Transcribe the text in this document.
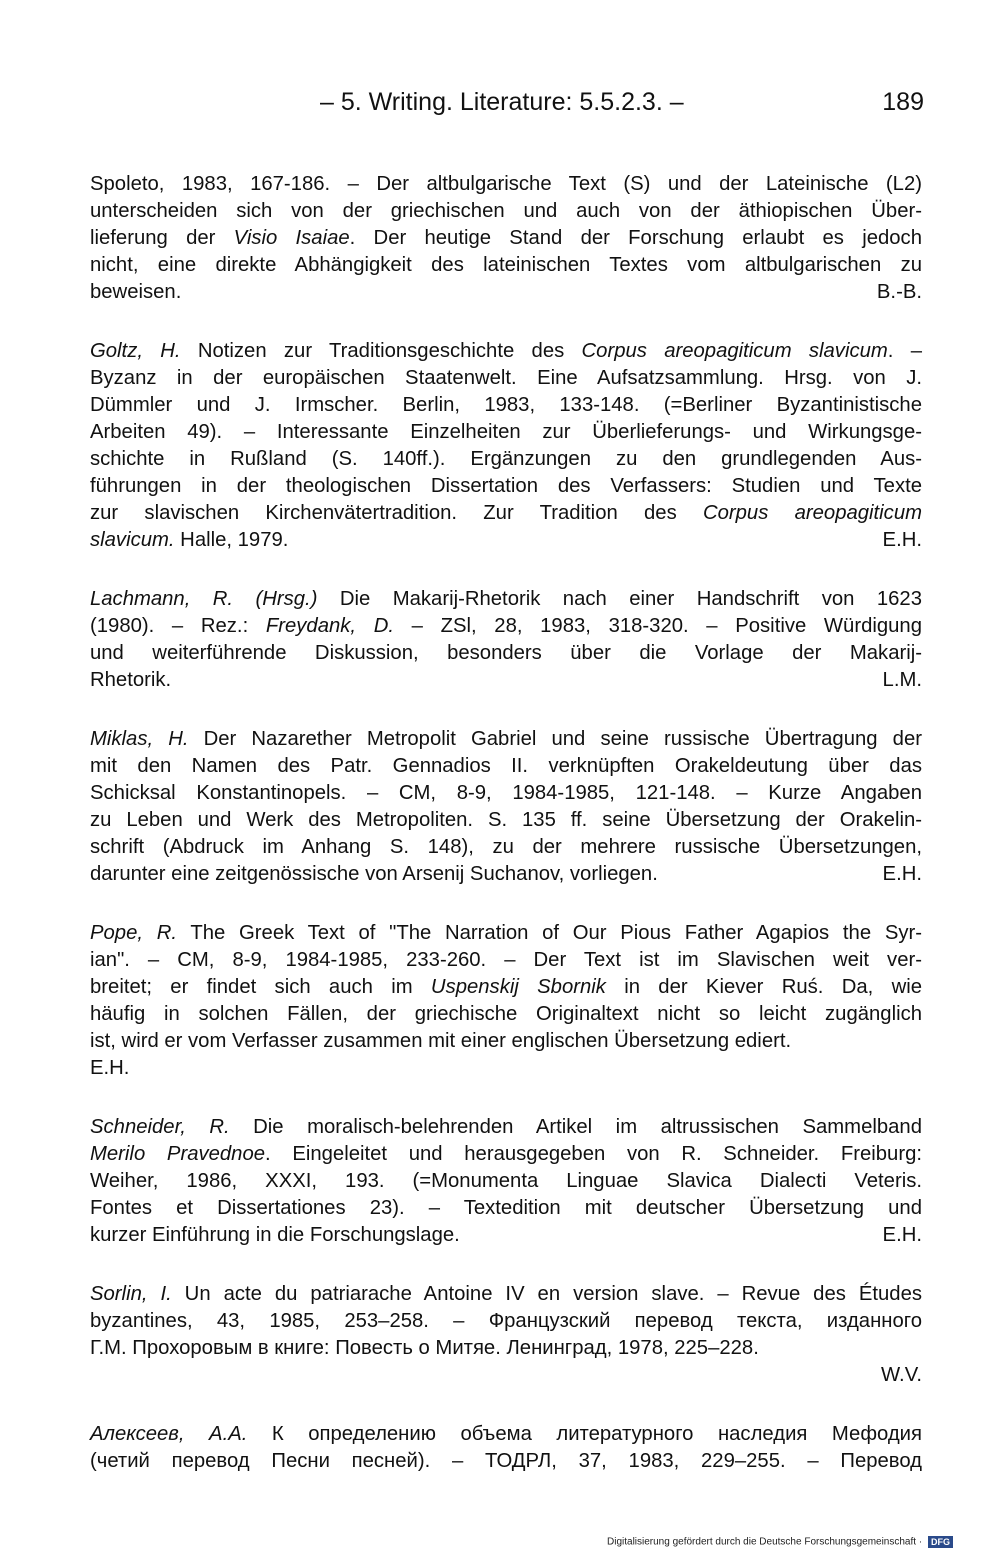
– 5. Writing. Literature: 5.5.2.3. –	189
Spoleto, 1983, 167-186. – Der altbulgarische Text (S) und der Lateinische (L2)
unterscheiden sich von der griechischen und auch von der äthiopischen Über-
lieferung der Visio Isaiae. Der heutige Stand der Forschung erlaubt es jedoch
nicht, eine direkte Abhängigkeit des lateinischen Textes vom altbulgarischen zu
beweisen.	B.-B.
Goltz, H. Notizen zur Traditionsgeschichte des Corpus areopagiticum slavicum. –
Byzanz in der europäischen Staatenwelt. Eine Aufsatzsammlung. Hrsg. von J.
Dümmler und J. Irmscher. Berlin, 1983, 133-148. (=Berliner Byzantinistische
Arbeiten 49). – Interessante Einzelheiten zur Überlieferungs- und Wirkungsge-
schichte in Rußland (S. 140ff.). Ergänzungen zu den grundlegenden Aus-
führungen in der theologischen Dissertation des Verfassers: Studien und Texte
zur slavischen Kirchenvätertradition. Zur Tradition des Corpus areopagiticum
slavicum. Halle, 1979.	E.H.
Lachmann, R. (Hrsg.) Die Makarij-Rhetorik nach einer Handschrift von 1623
(1980). – Rez.: Freydank, D. – ZSl, 28, 1983, 318-320. – Positive Würdigung
und weiterführende Diskussion, besonders über die Vorlage der Makarij-
Rhetorik.	L.M.
Miklas, H. Der Nazarether Metropolit Gabriel und seine russische Übertragung der
mit den Namen des Patr. Gennadios II. verknüpften Orakeldeutung über das
Schicksal Konstantinopels. – CM, 8-9, 1984-1985, 121-148. – Kurze Angaben
zu Leben und Werk des Metropoliten. S. 135 ff. seine Übersetzung der Orakelin-
schrift (Abdruck im Anhang S. 148), zu der mehrere russische Übersetzungen,
darunter eine zeitgenössische von Arsenij Suchanov, vorliegen.	E.H.
Pope, R. The Greek Text of "The Narration of Our Pious Father Agapios the Syr-
ian". – CM, 8-9, 1984-1985, 233-260. – Der Text ist im Slavischen weit ver-
breitet; er findet sich auch im Uspenskij Sbornik in der Kiever Ruś. Da, wie
häufig in solchen Fällen, der griechische Originaltext nicht so leicht zugänglich
ist, wird er vom Verfasser zusammen mit einer englischen Übersetzung ediert.
E.H.
Schneider, R. Die moralisch-belehrenden Artikel im altrussischen Sammelband
Merilo Pravednoe. Eingeleitet und herausgegeben von R. Schneider. Freiburg:
Weiher, 1986, XXXI, 193. (=Monumenta Linguae Slavica Dialecti Veteris.
Fontes et Dissertationes 23). – Textedition mit deutscher Übersetzung und
kurzer Einführung in die Forschungslage.	E.H.
Sorlin, I. Un acte du patriarache Antoine IV en version slave. – Revue des Études
byzantines, 43, 1985, 253–258. – Французский перевод текста, изданного
Г.М. Прохоровым в книге: Повесть о Митяе. Ленинград, 1978, 225–228.
W.V.
Алексеев, А.А. К определению объема литературного наследия Мефодия
(четий перевод Песни песней). – ТОДРЛ, 37, 1983, 229–255. – Перевод
Digitalisierung gefördert durch die Deutsche Forschungsgemeinschaft · DFG
